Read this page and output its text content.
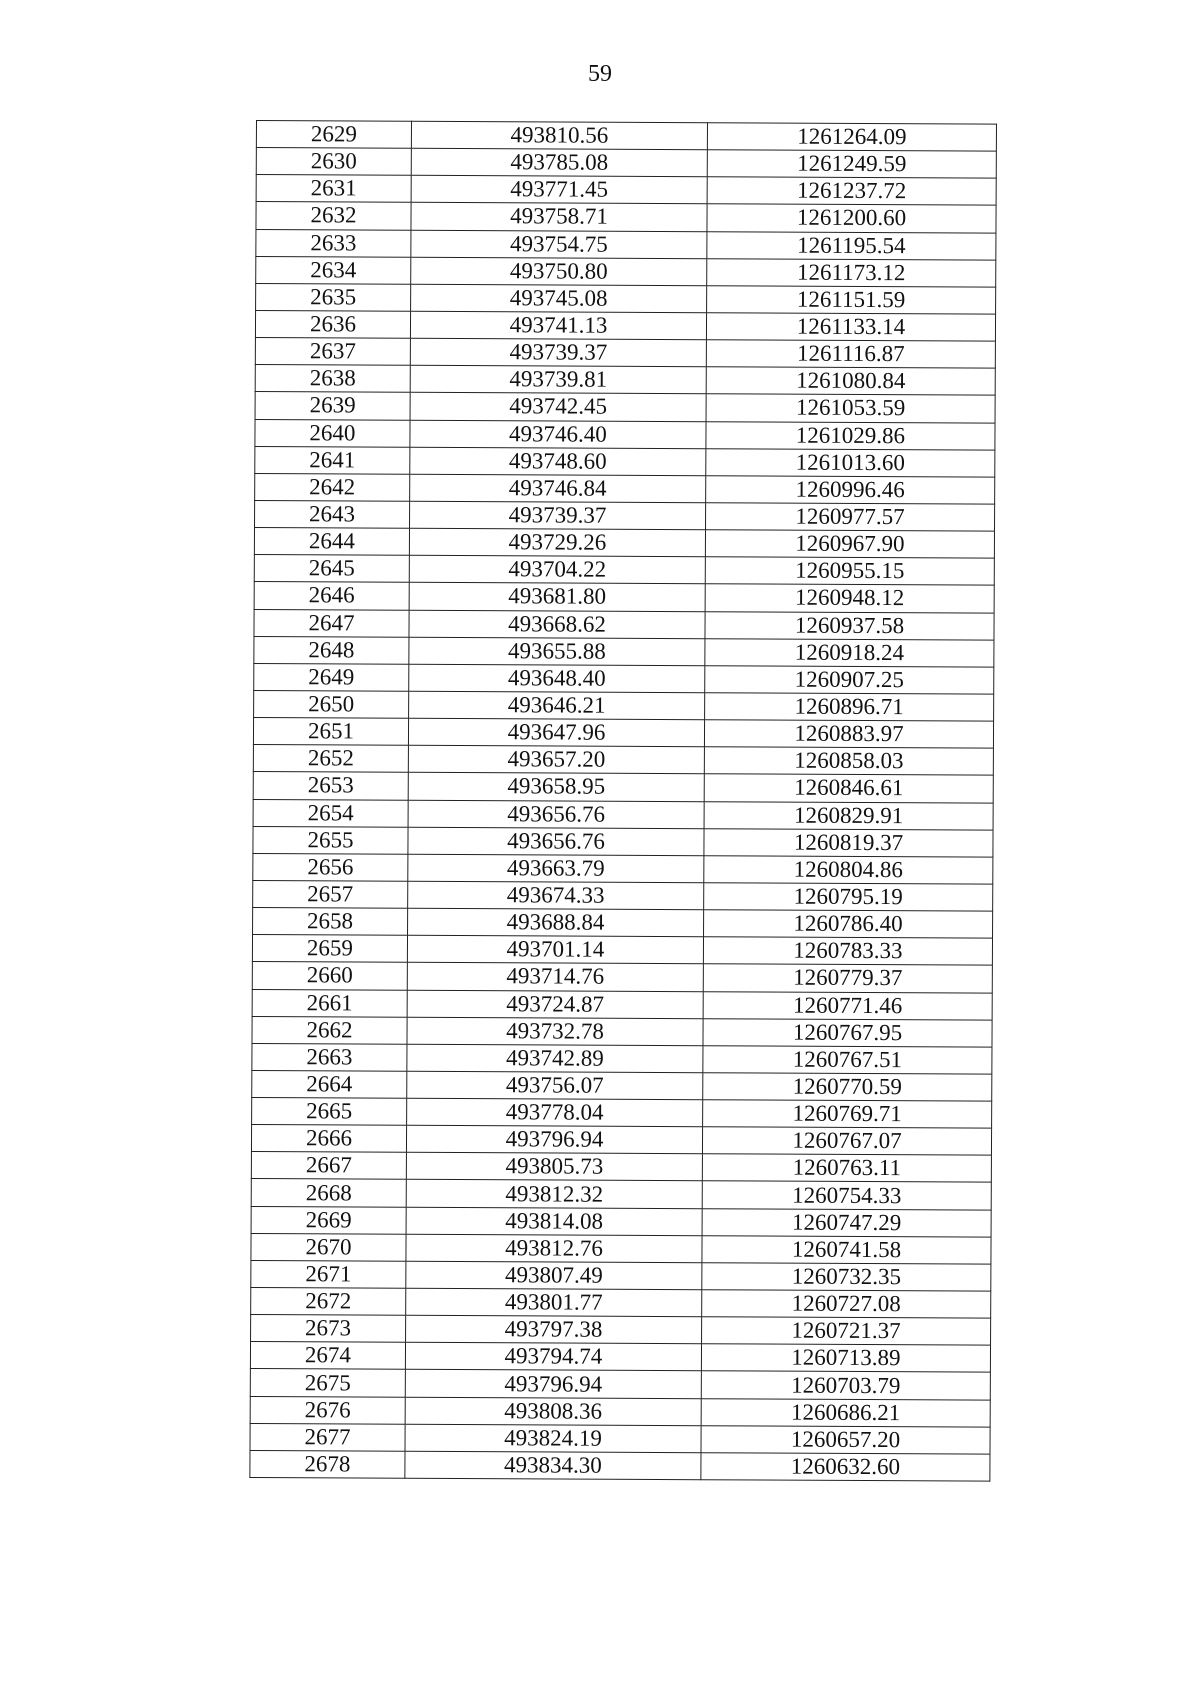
59
2629	493810.56	1261264.09
2630	493785.08	1261249.59
2631	493771.45	1261237.72
2632	493758.71	1261200.60
2633	493754.75	1261195.54
2634	493750.80	1261173.12
2635	493745.08	1261151.59
2636	493741.13	1261133.14
2637	493739.37	1261116.87
2638	493739.81	1261080.84
2639	493742.45	1261053.59
2640	493746.40	1261029.86
2641	493748.60	1261013.60
2642	493746.84	1260996.46
2643	493739.37	1260977.57
2644	493729.26	1260967.90
2645	493704.22	1260955.15
2646	493681.80	1260948.12
2647	493668.62	1260937.58
2648	493655.88	1260918.24
2649	493648.40	1260907.25
2650	493646.21	1260896.71
2651	493647.96	1260883.97
2652	493657.20	1260858.03
2653	493658.95	1260846.61
2654	493656.76	1260829.91
2655	493656.76	1260819.37
2656	493663.79	1260804.86
2657	493674.33	1260795.19
2658	493688.84	1260786.40
2659	493701.14	1260783.33
2660	493714.76	1260779.37
2661	493724.87	1260771.46
2662	493732.78	1260767.95
2663	493742.89	1260767.51
2664	493756.07	1260770.59
2665	493778.04	1260769.71
2666	493796.94	1260767.07
2667	493805.73	1260763.11
2668	493812.32	1260754.33
2669	493814.08	1260747.29
2670	493812.76	1260741.58
2671	493807.49	1260732.35
2672	493801.77	1260727.08
2673	493797.38	1260721.37
2674	493794.74	1260713.89
2675	493796.94	1260703.79
2676	493808.36	1260686.21
2677	493824.19	1260657.20
2678	493834.30	1260632.60
